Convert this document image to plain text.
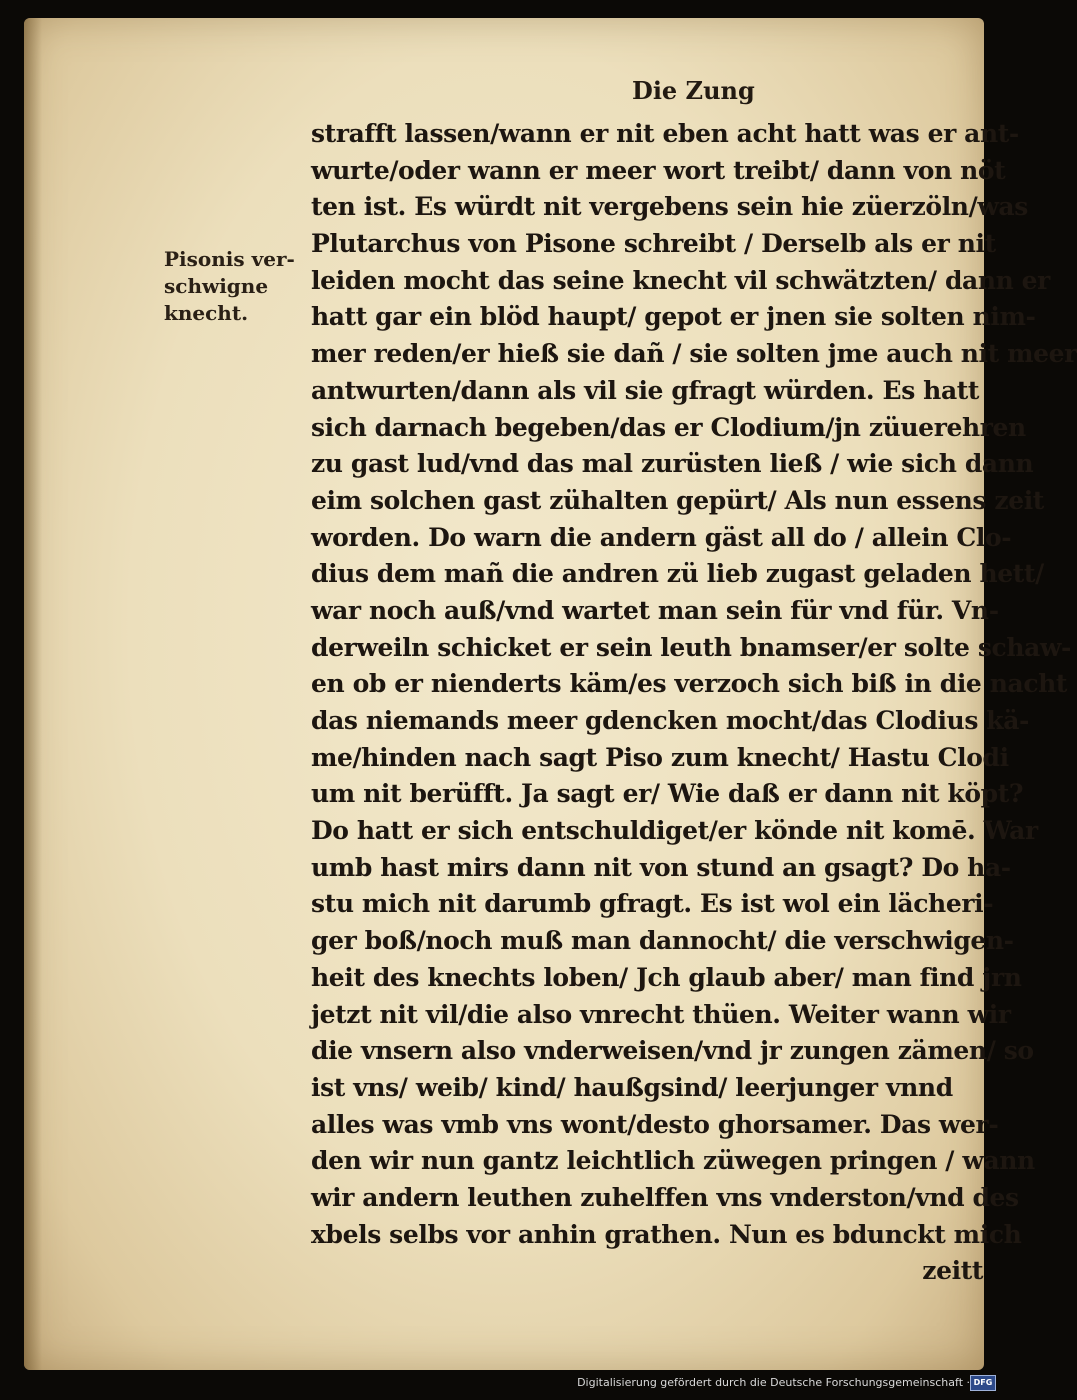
Die Zung
Pisonis ver-
schwigne
knecht.
strafft lassen/wann er nit eben acht hatt was er ant-
wurte/oder wann er meer wort treibt/ dann von nöt
ten ist. Es würdt nit vergebens sein hie züerzöln/was
Plutarchus von Pisone schreibt / Derselb als er nit
leiden mocht das seine knecht vil schwätzten/ dann er
hatt gar ein blöd haupt/ gepot er jnen sie solten nim-
mer reden/er hieß sie dañ / sie solten jme auch nit meer
antwurten/dann als vil sie gfragt würden. Es hatt
sich darnach begeben/das er Clodium/jn züuerehren
zu gast lud/vnd das mal zurüsten ließ / wie sich dann
eim solchen gast zühalten gepürt/ Als nun essens zeit
worden. Do warn die andern gäst all do / allein Clo-
dius dem mañ die andren zü lieb zugast geladen hett/
war noch auß/vnd wartet man sein für vnd für. Vn-
derweiln schicket er sein leuth bnamser/er solte schaw-
en ob er nienderts käm/es verzoch sich biß in die nacht
das niemands meer gdencken mocht/das Clodius kä-
me/hinden nach sagt Piso zum knecht/ Hastu Clodi
um nit berüfft. Ja sagt er/ Wie daß er dann nit köpt?
Do hatt er sich entschuldiget/er könde nit komē. War
umb hast mirs dann nit von stund an gsagt? Do ha-
stu mich nit darumb gfragt. Es ist wol ein lächeri-
ger boß/noch muß man dannocht/ die verschwigen-
heit des knechts loben/ Jch glaub aber/ man find jrn
jetzt nit vil/die also vnrecht thüen. Weiter wann wir
die vnsern also vnderweisen/vnd jr zungen zämen/ so
ist vns/ weib/ kind/ haußgsind/ leerjunger vnnd
alles was vmb vns wont/desto ghorsamer. Das wer-
den wir nun gantz leichtlich züwegen pringen / wann
wir andern leuthen zuhelffen vns vnderston/vnd des
xbels selbs vor anhin grathen. Nun es bdunckt mich
zeitt
Digitalisierung gefördert durch die Deutsche Forschungsgemeinschaft · DFG
